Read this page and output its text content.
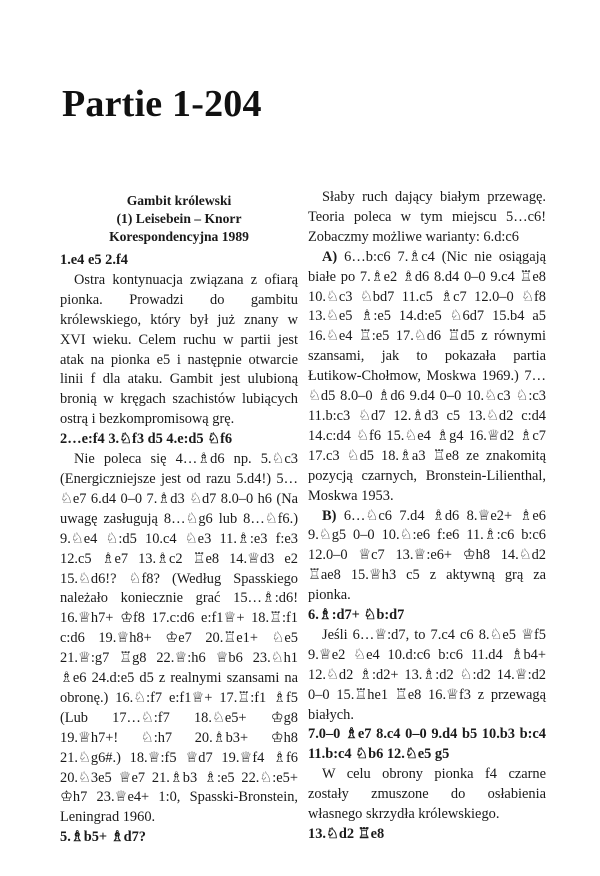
Partie 1-204
Gambit królewski
(1) Leisebein – Knorr
Korespondencyjna 1989

1.e4 e5 2.f4

Ostra kontynuacja związana z ofiarą pionka. Prowadzi do gambitu królewskiego, który był już znany w XVI wieku. Celem ruchu w partii jest atak na pionka e5 i następnie otwarcie linii f dla ataku. Gambit jest ulubioną bronią w kręgach szachistów lubiących ostrą i bezkompromisową grę.

2…e:f4 3.♘f3 d5 4.e:d5 ♘f6

Nie poleca się 4…♗d6 np. 5.♘c3 (Energiczniejsze jest od razu 5.d4!) 5…♘e7 6.d4 0–0 7.♗d3 ♘d7 8.0–0 h6 (Na uwagę zasługują 8…♘g6 lub 8…♘f6.) 9.♘e4 ♘:d5 10.c4 ♘e3 11.♗:e3 f:e3 12.c5 ♗e7 13.♗c2 ♖e8 14.♕d3 e2 15.♘d6!? ♘f8? (Według Spasskiego należało koniecznie grać 15…♗:d6! 16.♕h7+ ♔f8 17.c:d6 e:f1♕+ 18.♖:f1 c:d6 19.♕h8+ ♔e7 20.♖e1+ ♘e5 21.♕:g7 ♖g8 22.♕:h6 ♕b6 23.♘h1 ♗e6 24.d:e5 d5 z realnymi szansami na obronę.) 16.♘:f7 e:f1♕+ 17.♖:f1 ♗f5 (Lub 17…♘:f7 18.♘e5+ ♔g8 19.♕h7+! ♘:h7 20.♗b3+ ♔h8 21.♘g6#.) 18.♕:f5 ♕d7 19.♕f4 ♗f6 20.♘3e5 ♕e7 21.♗b3 ♗:e5 22.♘:e5+ ♔h7 23.♕e4+ 1:0, Spasski-Bronstein, Leningrad 1960.

5.♗b5+ ♗d7?

Słaby ruch dający białym przewagę. Teoria poleca w tym miejscu 5…c6! Zobaczmy możliwe warianty: 6.d:c6

A) 6…b:c6 7.♗c4 (Nic nie osiągają białe po 7.♗e2 ♗d6 8.d4 0–0 9.c4 ♖e8 10.♘c3 ♘bd7 11.c5 ♗c7 12.0–0 ♘f8 13.♘e5 ♗:e5 14.d:e5 ♘6d7 15.b4 a5 16.♘e4 ♖:e5 17.♘d6 ♖d5 z równymi szansami, jak to pokazała partia Łutikow-Chołmow, Moskwa 1969.) 7…♘d5 8.0–0 ♗d6 9.d4 0–0 10.♘c3 ♘:c3 11.b:c3 ♘d7 12.♗d3 c5 13.♘d2 c:d4 14.c:d4 ♘f6 15.♘e4 ♗g4 16.♕d2 ♗c7 17.c3 ♘d5 18.♗a3 ♖e8 ze znakomitą pozycją czarnych, Bronstein-Lilienthal, Moskwa 1953.

B) 6…♘c6 7.d4 ♗d6 8.♕e2+ ♗e6 9.♘g5 0–0 10.♘:e6 f:e6 11.♗:c6 b:c6 12.0–0 ♕c7 13.♕:e6+ ♔h8 14.♘d2 ♖ae8 15.♕h3 c5 z aktywną grą za pionka.

6.♗:d7+ ♘b:d7

Jeśli 6…♕:d7, to 7.c4 c6 8.♘e5 ♕f5 9.♕e2 ♘e4 10.d:c6 b:c6 11.d4 ♗b4+ 12.♘d2 ♗:d2+ 13.♗:d2 ♘:d2 14.♕:d2 0–0 15.♖he1 ♖e8 16.♕f3 z przewagą białych.

7.0–0 ♗e7 8.c4 0–0 9.d4 b5 10.b3 b:c4 11.b:c4 ♘b6 12.♘e5 g5

W celu obrony pionka f4 czarne zostały zmuszone do osłabienia własnego skrzydła królewskiego.

13.♘d2 ♖e8
